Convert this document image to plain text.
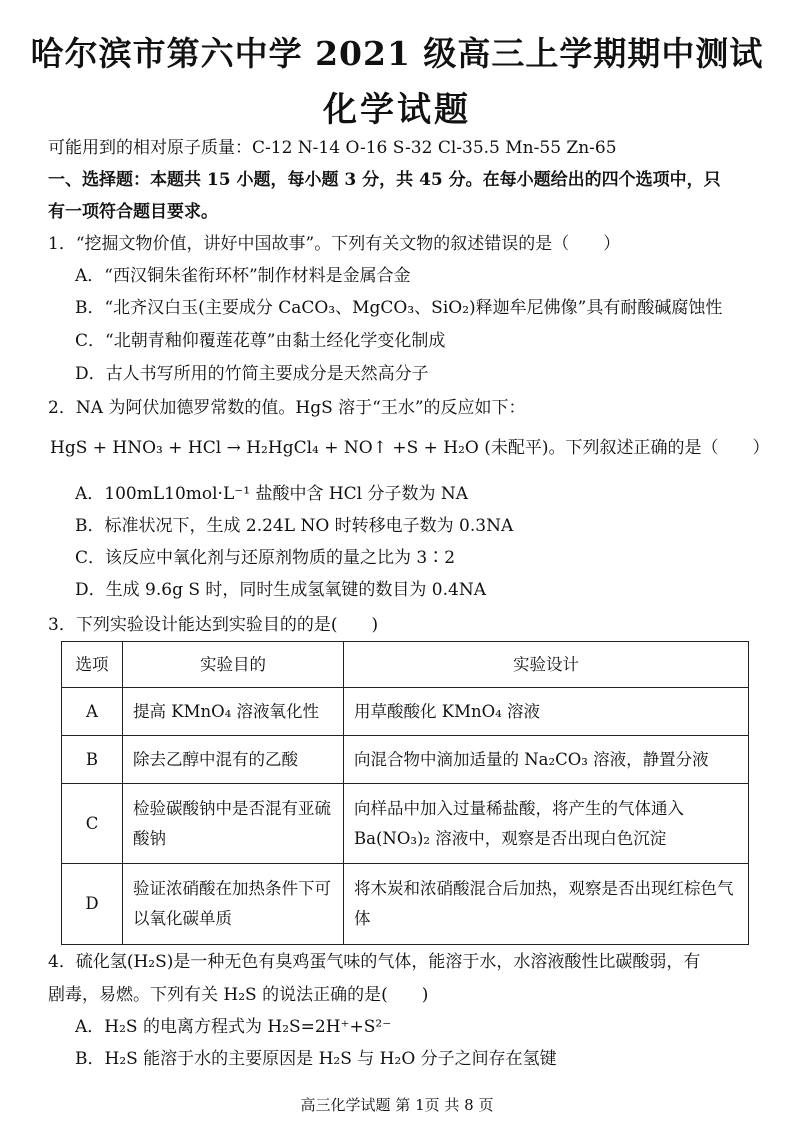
哈尔滨市第六中学 2021 级高三上学期期中测试
化学试题
可能用到的相对原子质量：C-12 N-14 O-16 S-32 Cl-35.5 Mn-55 Zn-65
一、选择题：本题共 15 小题，每小题 3 分，共 45 分。在每小题给出的四个选项中，只
有一项符合题目要求。
1．“挖掘文物价值，讲好中国故事”。下列有关文物的叙述错误的是（　　）
A．“西汉铜朱雀衔环杯”制作材料是金属合金
B．“北齐汉白玉(主要成分 CaCO₃、MgCO₃、SiO₂)释迦牟尼佛像”具有耐酸碱腐蚀性
C．“北朝青釉仰覆莲花尊”由黏土经化学变化制成
D．古人书写所用的竹简主要成分是天然高分子
2．NA 为阿伏加德罗常数的值。HgS 溶于“王水”的反应如下：
HgS + HNO₃ + HCl → H₂HgCl₄ + NO↑ +S + H₂O (未配平)。下列叙述正确的是（　　）
A．100mL10mol·L⁻¹ 盐酸中含 HCl 分子数为 NA
B．标准状况下，生成 2.24L NO 时转移电子数为 0.3NA
C．该反应中氧化剂与还原剂物质的量之比为 3∶2
D．生成 9.6g S 时，同时生成氢氧键的数目为 0.4NA
3．下列实验设计能达到实验目的的是(　　)
选项	实验目的	实验设计
A	提高 KMnO₄ 溶液氧化性	用草酸酸化 KMnO₄ 溶液
B	除去乙醇中混有的乙酸	向混合物中滴加适量的 Na₂CO₃ 溶液，静置分液
C	检验碳酸钠中是否混有亚硫酸钠	向样品中加入过量稀盐酸，将产生的气体通入 Ba(NO₃)₂ 溶液中，观察是否出现白色沉淀
D	验证浓硝酸在加热条件下可以氧化碳单质	将木炭和浓硝酸混合后加热，观察是否出现红棕色气体
4．硫化氢(H₂S)是一种无色有臭鸡蛋气味的气体，能溶于水，水溶液酸性比碳酸弱，有
剧毒，易燃。下列有关 H₂S 的说法正确的是(　　)
A．H₂S 的电离方程式为 H₂S=2H⁺+S²⁻
B．H₂S 能溶于水的主要原因是 H₂S 与 H₂O 分子之间存在氢键
高三化学试题 第 1页 共 8 页
